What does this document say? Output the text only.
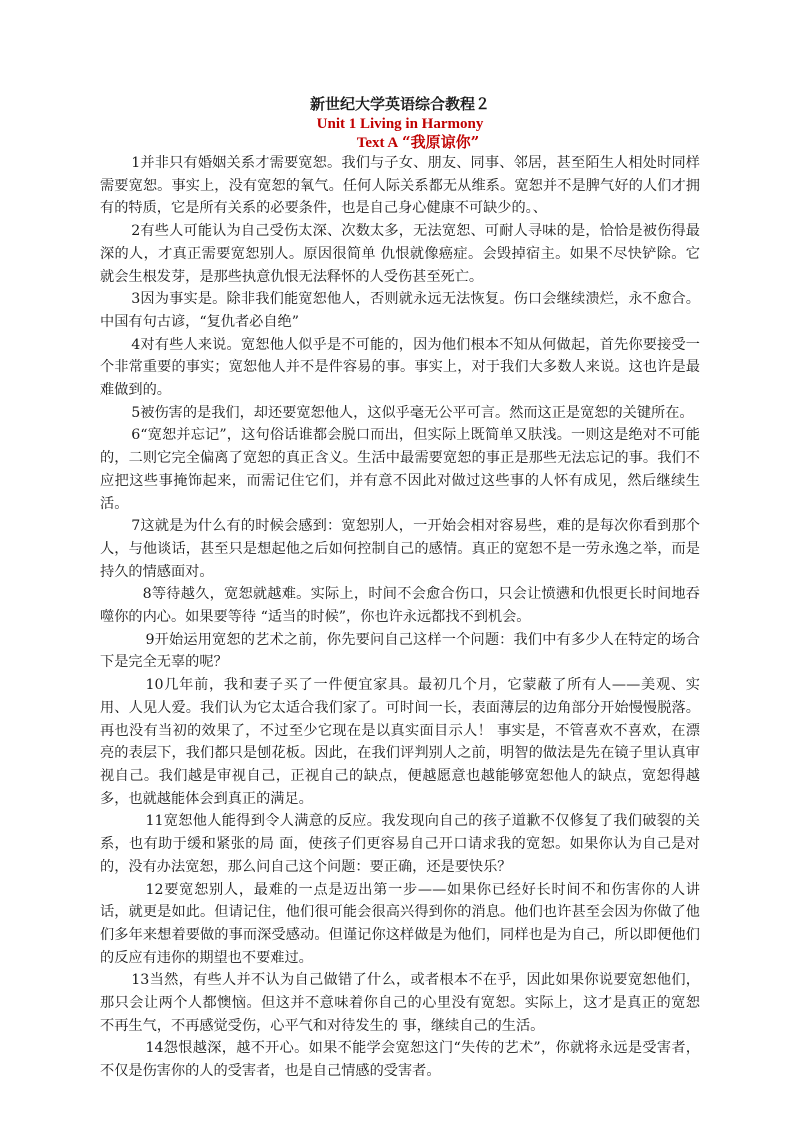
新世纪大学英语综合教程２

Unit 1 Living in Harmony

Text A “我原谅你”

1并非只有婚姻关系才需要宽恕。我们与子女、朋友、同事、邻居，甚至陌生人相处时同样需要宽恕。事实上，没有宽恕的氧气。任何人际关系都无从维系。宽恕并不是脾气好的人们才拥有的特质，它是所有关系的必要条件，也是自己身心健康不可缺少的。、

2有些人可能认为自己受伤太深、次数太多，无法宽恕、可耐人寻味的是，恰恰是被伤得最深的人，才真正需要宽恕别人。原因很简单 仇恨就像癌症。会毁掉宿主。如果不尽快铲除。它就会生根发芽，是那些执意仇恨无法释怀的人受伤甚至死亡。

3因为事实是。除非我们能宽恕他人，否则就永远无法恢复。伤口会继续溃烂，永不愈合。中国有句古谚，“复仇者必自绝”

4对有些人来说。宽恕他人似乎是不可能的，因为他们根本不知从何做起，首先你要接受一个非常重要的事实；宽恕他人并不是件容易的事。事实上，对于我们大多数人来说。这也许是最难做到的。

5被伤害的是我们，却还要宽恕他人，这似乎毫无公平可言。然而这正是宽恕的关键所在。

6“宽恕并忘记”，这句俗话谁都会脱口而出，但实际上既简单又肤浅。一则这是绝对不可能的，二则它完全偏离了宽恕的真正含义。生活中最需要宽恕的事正是那些无法忘记的事。我们不应把这些事掩饰起来，而需记住它们，并有意不因此对做过这些事的人怀有成见，然后继续生活。

7这就是为什么有的时候会感到：宽恕别人，一开始会相对容易些，难的是每次你看到那个人，与他谈话，甚至只是想起他之后如何控制自己的感情。真正的宽恕不是一劳永逸之举，而是持久的情感面对。

8等待越久，宽恕就越难。实际上，时间不会愈合伤口，只会让愤懑和仇恨更长时间地吞噬你的内心。如果要等待 “适当的时候”，你也许永远都找不到机会。

9开始运用宽恕的艺术之前，你先要问自己这样一个问题：我们中有多少人在特定的场合下是完全无辜的呢？

10几年前，我和妻子买了一件便宜家具。最初几个月，它蒙蔽了所有人——美观、实用、人见人爱。我们认为它太适合我们家了。可时间一长，表面薄层的边角部分开始慢慢脱落。再也没有当初的效果了，不过至少它现在是以真实面目示人！ 事实是，不管喜欢不喜欢，在漂亮的表层下，我们都只是刨花板。因此，在我们评判别人之前，明智的做法是先在镜子里认真审视自己。我们越是审视自己，正视自己的缺点，便越愿意也越能够宽恕他人的缺点，宽恕得越多，也就越能体会到真正的满足。

11宽恕他人能得到令人满意的反应。我发现向自己的孩子道歉不仅修复了我们破裂的关系，也有助于缓和紧张的局 面，使孩子们更容易自己开口请求我的宽恕。如果你认为自己是对的，没有办法宽恕，那么问自己这个问题：要正确，还是要快乐？

12要宽恕别人，最难的一点是迈出第一步——如果你已经好长时间不和伤害你的人讲话，就更是如此。但请记住，他们很可能会很高兴得到你的消息。他们也许甚至会因为你做了他们多年来想着要做的事而深受感动。但谨记你这样做是为他们，同样也是为自己，所以即便他们的反应有违你的期望也不要难过。

13当然，有些人并不认为自己做错了什么，或者根本不在乎，因此如果你说要宽恕他们，那只会让两个人都懊恼。但这并不意味着你自己的心里没有宽恕。实际上，这才是真正的宽恕 不再生气，不再感觉受伤，心平气和对待发生的 事，继续自己的生活。

14怨恨越深，越不开心。如果不能学会宽恕这门“失传的艺术”，你就将永远是受害者，不仅是伤害你的人的受害者，也是自己情感的受害者。
